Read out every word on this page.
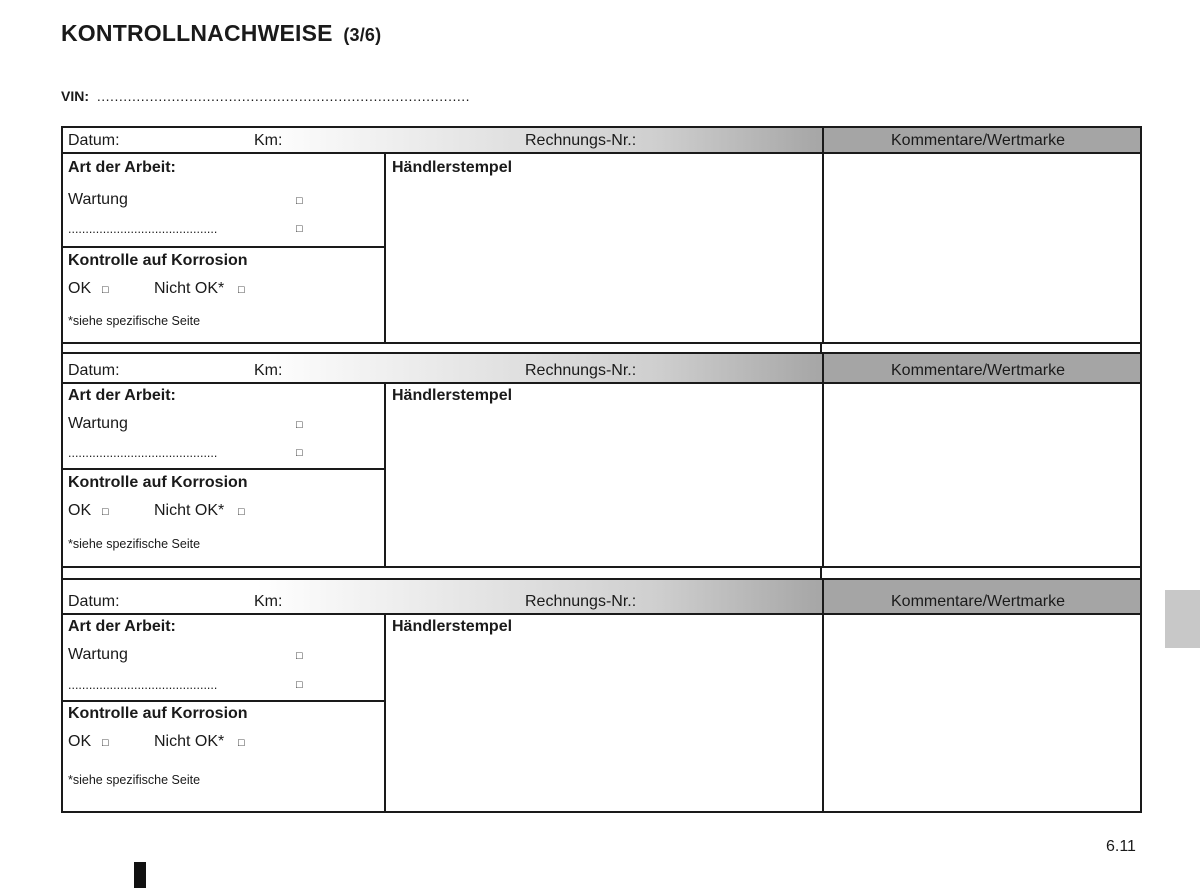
KONTROLLNACHWEISE (3/6)
VIN: .....................................................................................
Datum:	Km:	Rechnungs-Nr.:	Kommentare/Wertmarke
Art der Arbeit:
Wartung	□
...........................................	□
Kontrolle auf Korrosion
OK □	Nicht OK* □
*siehe spezifische Seite
Händlerstempel
Datum:	Km:	Rechnungs-Nr.:	Kommentare/Wertmarke
Art der Arbeit:
Wartung	□
...........................................	□
Kontrolle auf Korrosion
OK □	Nicht OK* □
*siehe spezifische Seite
Händlerstempel
Datum:	Km:	Rechnungs-Nr.:	Kommentare/Wertmarke
Art der Arbeit:
Wartung	□
...........................................	□
Kontrolle auf Korrosion
OK □	Nicht OK* □
*siehe spezifische Seite
Händlerstempel
6.11
